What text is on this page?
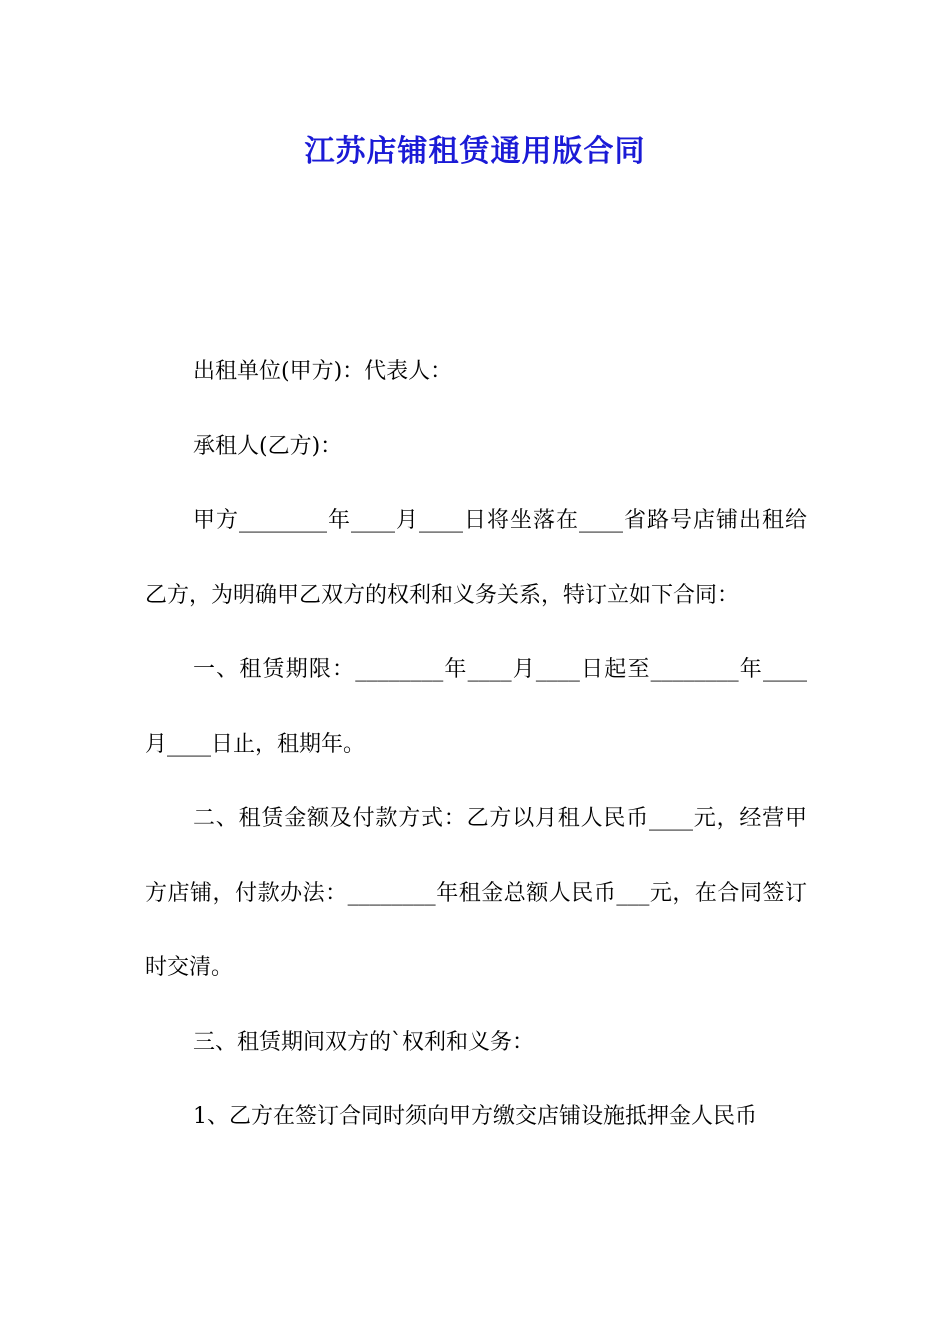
江苏店铺租赁通用版合同

出租单位(甲方)：代表人：

承租人(乙方)：

甲方________年____月____日将坐落在____省路号店铺出租给乙方，为明确甲乙双方的权利和义务关系，特订立如下合同：

一、租赁期限：________年____月____日起至________年____月____日止，租期年。

二、租赁金额及付款方式：乙方以月租人民币____元，经营甲方店铺，付款办法：________年租金总额人民币___元，在合同签订时交清。

三、租赁期间双方的`权利和义务：

1、乙方在签订合同时须向甲方缴交店铺设施抵押金人民币
